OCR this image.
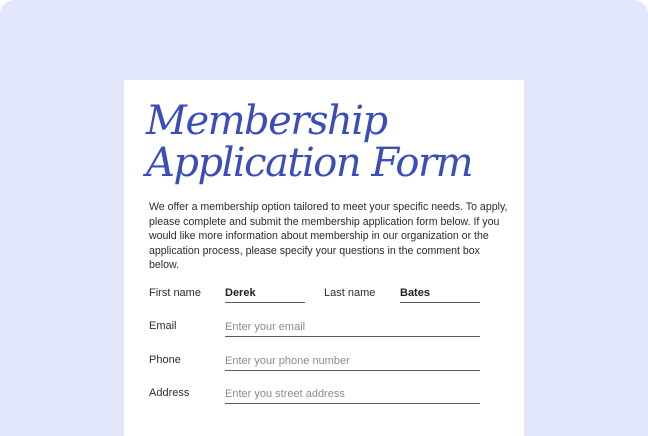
Membership
Application Form

We offer a membership option tailored to meet your specific needs. To apply, please complete and submit the membership application form below. If you would like more information about membership in our organization or the application process, please specify your questions in the comment box below.

First name
Derek	Last name
Bates
Email
Enter your email
Phone
Enter your phone number
Address
Enter you street address
